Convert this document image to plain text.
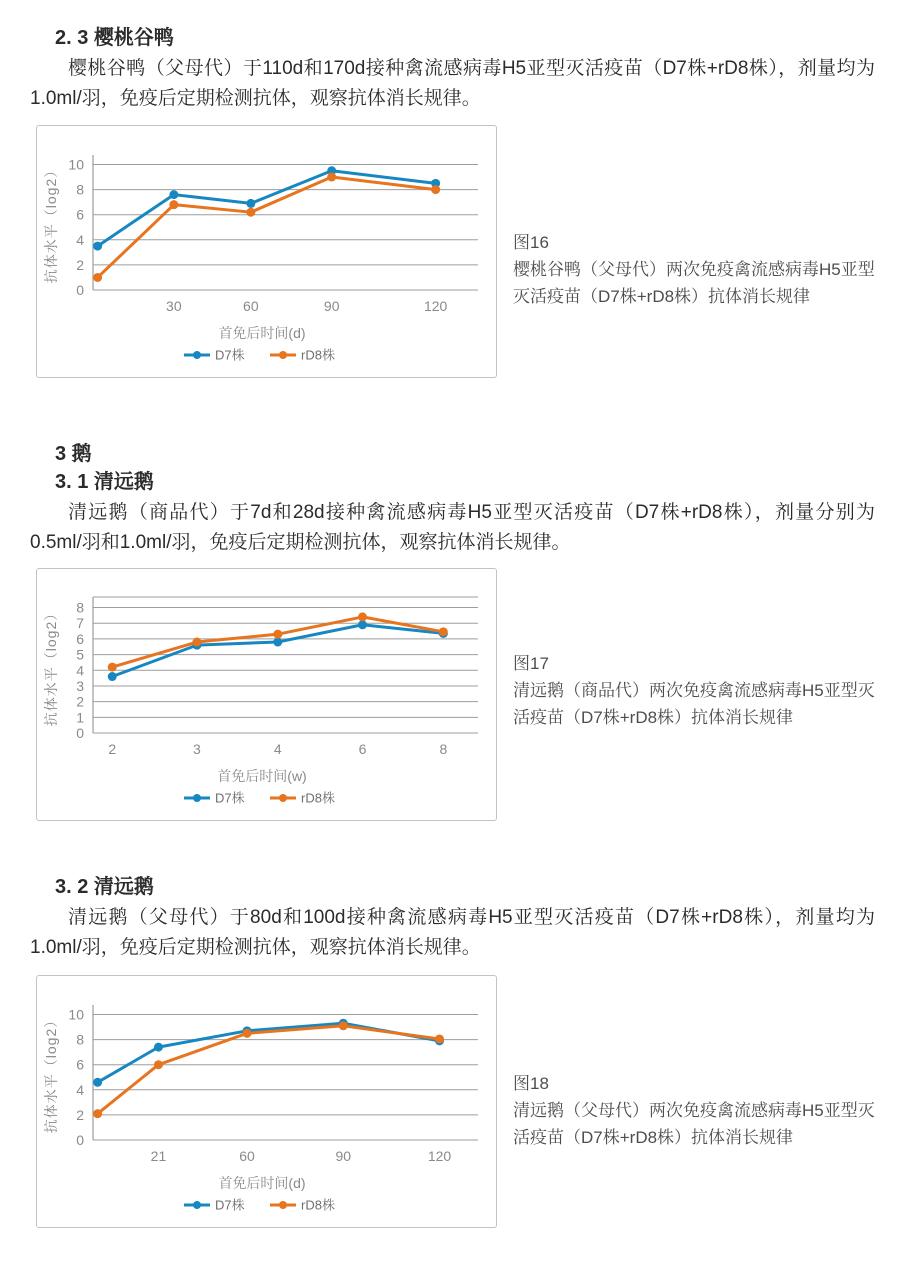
2. 3 樱桃谷鸭

樱桃谷鸭（父母代）于110d和170d接种禽流感病毒H5亚型灭活疫苗（D7株+rD8株），剂量均为1.0ml/羽，免疫后定期检测抗体，观察抗体消长规律。

0
2
4
6
8
10
抗体水平（log2）
30	60	90	120
首免后时间(d)
D7株	rD8株
图16
樱桃谷鸭（父母代）两次免疫禽流感病毒H5亚型灭活疫苗（D7株+rD8株）抗体消长规律
3 鹅
3. 1 清远鹅

清远鹅（商品代）于7d和28d接种禽流感病毒H5亚型灭活疫苗（D7株+rD8株），剂量分别为0.5ml/羽和1.0ml/羽，免疫后定期检测抗体，观察抗体消长规律。

0
1
2
3
4
5
6
7
8
抗体水平（log2）
2	3	4	6	8
首免后时间(w)
D7株	rD8株
图17
清远鹅（商品代）两次免疫禽流感病毒H5亚型灭活疫苗（D7株+rD8株）抗体消长规律
3. 2 清远鹅

清远鹅（父母代）于80d和100d接种禽流感病毒H5亚型灭活疫苗（D7株+rD8株），剂量均为1.0ml/羽，免疫后定期检测抗体，观察抗体消长规律。

0
2
4
6
8
10
抗体水平（log2）
21	60	90	120
首免后时间(d)
D7株	rD8株
图18
清远鹅（父母代）两次免疫禽流感病毒H5亚型灭活疫苗（D7株+rD8株）抗体消长规律
